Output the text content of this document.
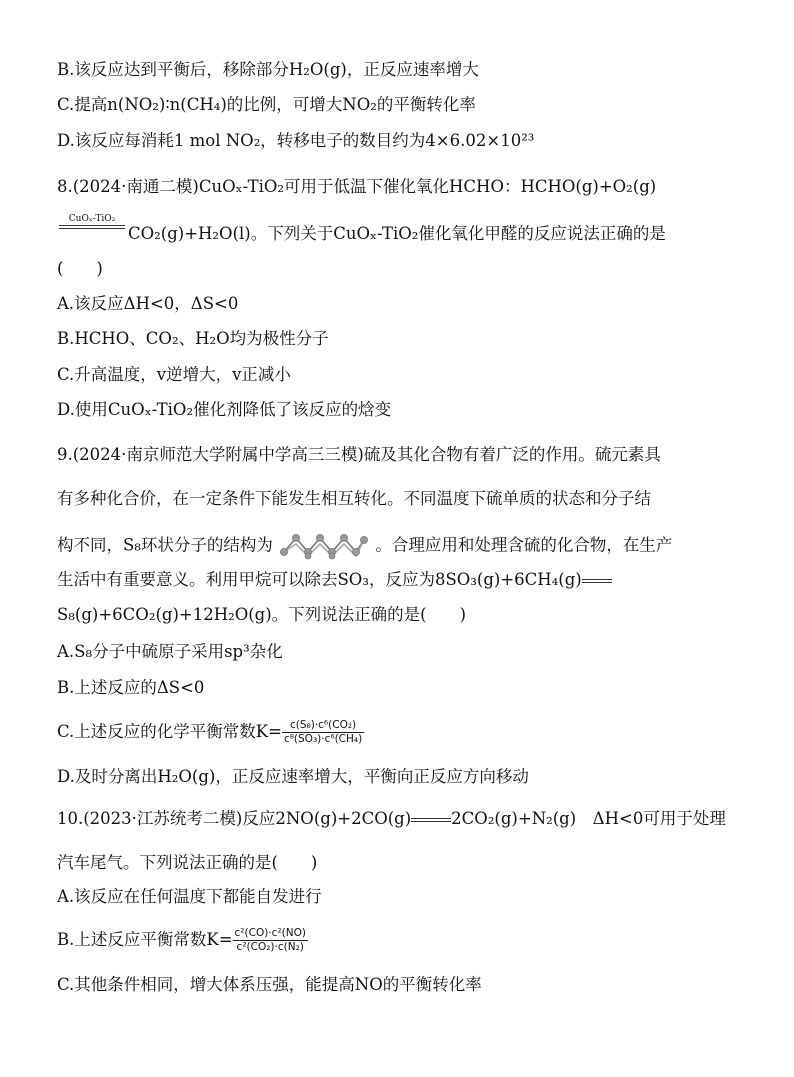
B.该反应达到平衡后，移除部分H₂O(g)，正反应速率增大
C.提高n(NO₂)∶n(CH₄)的比例，可增大NO₂的平衡转化率
D.该反应每消耗1 mol NO₂，转移电子的数目约为4×6.02×10²³
8.(2024·南通二模)CuOₓ-TiO₂可用于低温下催化氧化HCHO：HCHO(g)+O₂(g)
CuOₓ-TiO₂
CO₂(g)+H₂O(l)。下列关于CuOₓ-TiO₂催化氧化甲醛的反应说法正确的是
(　　)
A.该反应ΔH<0，ΔS<0
B.HCHO、CO₂、H₂O均为极性分子
C.升高温度，v逆增大，v正减小
D.使用CuOₓ-TiO₂催化剂降低了该反应的焓变
9.(2024·南京师范大学附属中学高三三模)硫及其化合物有着广泛的作用。硫元素具
有多种化合价，在一定条件下能发生相互转化。不同温度下硫单质的状态和分子结
构不同，S₈环状分子的结构为	。合理应用和处理含硫的化合物，在生产
生活中有重要意义。利用甲烷可以除去SO₃，反应为8SO₃(g)+6CH₄(g)
S₈(g)+6CO₂(g)+12H₂O(g)。下列说法正确的是(　　)
A.S₈分子中硫原子采用sp³杂化
B.上述反应的ΔS<0
C.上述反应的化学平衡常数$K= \frac{\text{c(S₈)·c⁶(CO₂)}}{\text{c⁸(SO₃)·c⁶(CH₄)}}$
D.及时分离出H₂O(g)，正反应速率增大，平衡向正反应方向移动
10.(2023·江苏统考二模)反应2NO(g)+2CO(g) 2CO₂(g)+N₂(g)　ΔH<0可用于处理
汽车尾气。下列说法正确的是(　　)
A.该反应在任何温度下都能自发进行
B.上述反应平衡常数$K= \frac{\text{c²(CO)·c²(NO)}}{\text{c²(CO₂)·c(N₂)}}$
C.其他条件相同，增大体系压强，能提高NO的平衡转化率
